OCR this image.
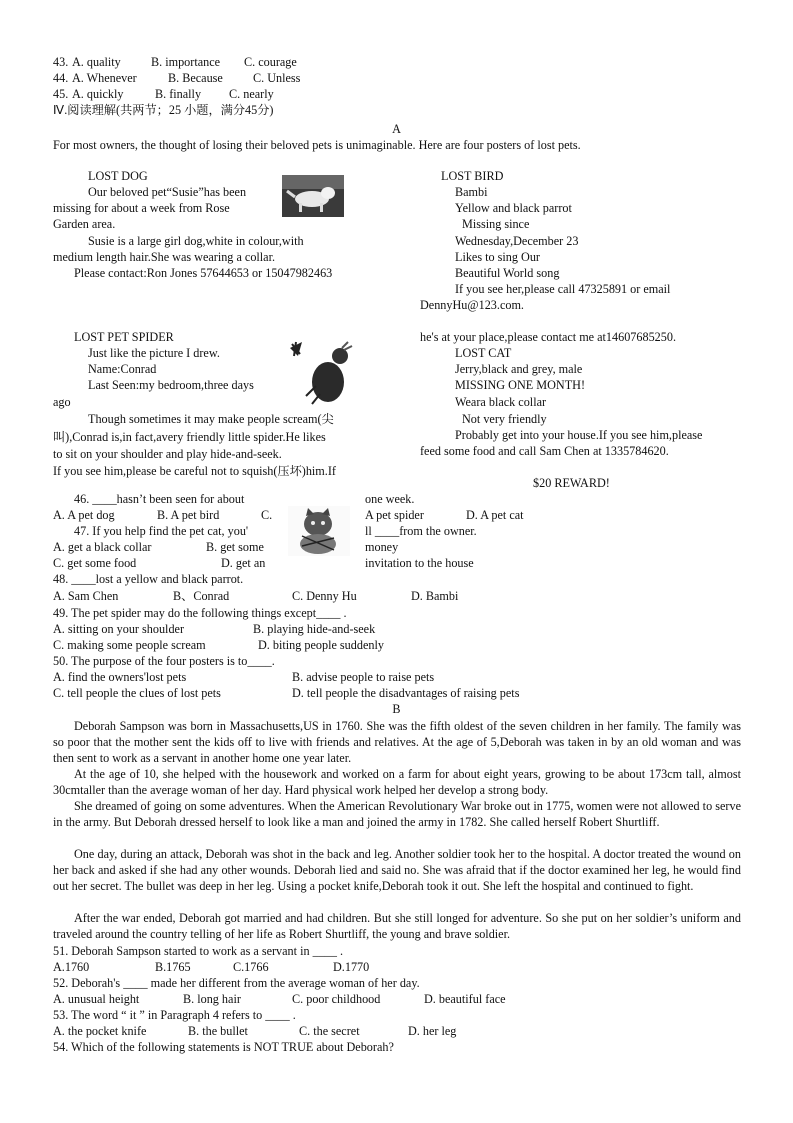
43. A. quality B. importance C. courage
44. A. Whenever	B. Because C. Unless
45. A. quickly	B. finally C. nearly
Ⅳ.阅读理解(共两节；25 小题，满分45分)
A
For most owners, the thought of losing their beloved pets is unimaginable. Here are four posters of lost pets.
LOST DOG
Our beloved pet“Susie”has been
missing for about a week from Rose
Garden area.
Susie is a large girl dog,white in colour,with
medium length hair.She was wearing a collar.
Please contact:Ron Jones 57644653 or 15047982463
LOST BIRD
Bambi
Yellow and black parrot
Missing since
Wednesday,December 23
Likes to sing Our
Beautiful World song
If you see her,please call 47325891 or email
DennyHu@123.com.
LOST PET SPIDER
Just like the picture I drew.
Name:Conrad
Last Seen:my bedroom,three days
ago
Though sometimes it may make people scream(尖
叫),Conrad is,in fact,avery friendly little spider.He likes
to sit on your shoulder and play hide-and-seek.
If you see him,please be careful not to squish(压坏)him.If
he's at your place,please contact me at14607685250.
LOST CAT
Jerry,black and grey, male
MISSING ONE MONTH!
Weara black collar
Not very friendly
Probably get into your house.If you see him,please
feed some food and call Sam Chen at 1335784620.
$20 REWARD!
46. ____hasn’t been seen for about	one week.
A. A pet dog	B. A pet bird	C.	A pet spider	D. A pet cat
47. If you help find the pet cat, you'	ll ____from the owner.
A. get a black collar	B. get some	money
C. get some food	D. get an	invitation to the house
48. ____lost a yellow and black parrot.
A. Sam Chen	B、Conrad	C. Denny Hu	D. Bambi
49. The pet spider may do the following things except____ .
A. sitting on your shoulder	B. playing hide-and-seek
C. making some people scream	D. biting people suddenly
50. The purpose of the four posters is to____.
A. find the owners'lost pets	B. advise people to raise pets
C. tell people the clues of lost pets	D. tell people the disadvantages of raising pets
B
Deborah Sampson was born in Massachusetts,US in 1760. She was the fifth oldest of the seven children in her family. The family was so poor that the mother sent the kids off to live with friends and relatives. At the age of 5,Deborah was taken in by an old woman and was then sent to work as a servant in another home one year later.
At the age of 10, she helped with the housework and worked on a farm for about eight years, growing to be about 173cm tall, almost 30cmtaller than the average woman of her day. Hard physical work helped her develop a strong body.
She dreamed of going on some adventures. When the American Revolutionary War broke out in 1775, women were not allowed to serve in the army. But Deborah dressed herself to look like a man and joined the army in 1782. She called herself Robert Shurtliff.
One day, during an attack, Deborah was shot in the back and leg. Another soldier took her to the hospital. A doctor treated the wound on her back and asked if she had any other wounds. Deborah lied and said no. She was afraid that if the doctor examined her leg, he would find out her secret. The bullet was deep in her leg. Using a pocket knife,Deborah took it out. She left the hospital and continued to fight.
After the war ended, Deborah got married and had children. But she still longed for adventure. So she put on her soldier’s uniform and traveled around the country telling of her life as Robert Shurtliff, the young and brave soldier.
51. Deborah Sampson started to work as a servant in ____ .
A.1760	B.1765	C.1766	D.1770
52. Deborah's ____ made her different from the average woman of her day.
A. unusual height	B. long hair	C. poor childhood	D. beautiful face
53. The word “ it ” in Paragraph 4 refers to ____ .
A. the pocket knife	B. the bullet	C. the secret	D. her leg
54. Which of the following statements is NOT TRUE about Deborah?
